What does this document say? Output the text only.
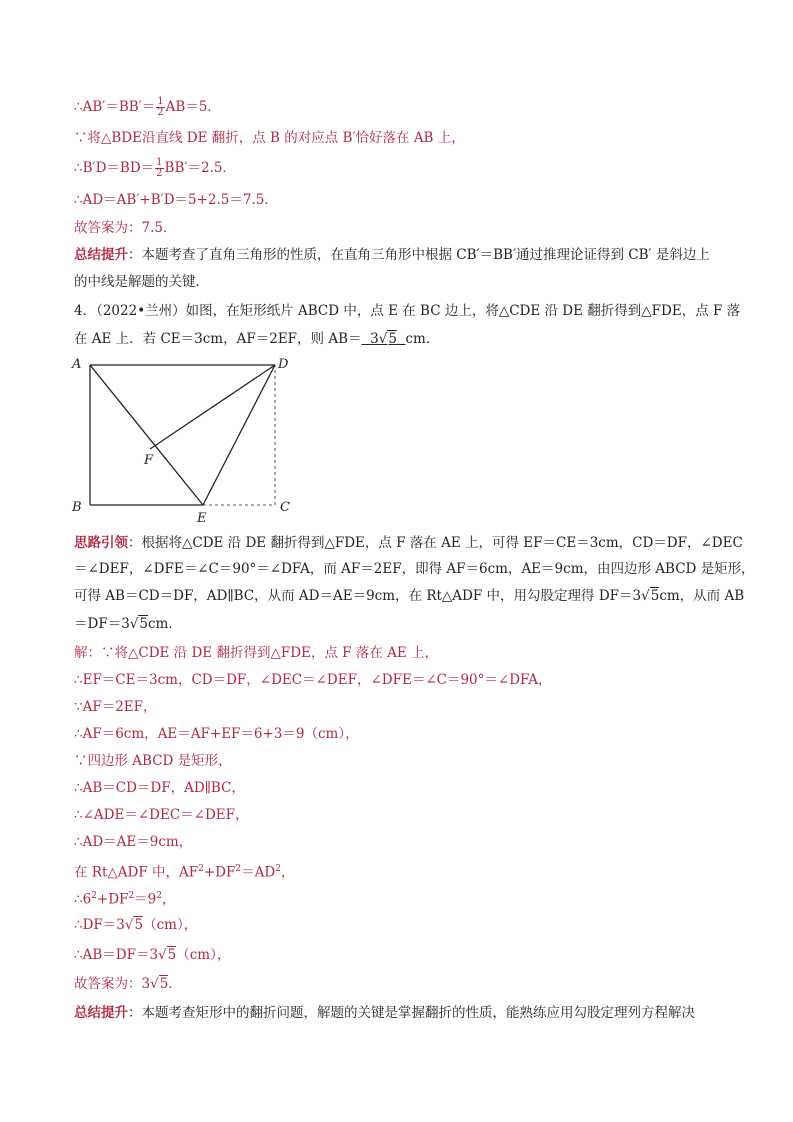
∴AB′＝BB′＝ $\frac{1}{2} AB=5$．
∵将△BDE沿直线 DE 翻折，点 B 的对应点 B′恰好落在 AB 上，
∴B′D＝BD＝ $\frac{1}{2} BB'=2.5$．
∴AD＝AB′+B′D＝5+2.5＝7.5．
故答案为：7.5．
总结提升：本题考查了直角三角形的性质，在直角三角形中根据 CB′＝BB′通过推理论证得到 CB′ 是斜边上
的中线是解题的关键．
4．（2022•兰州）如图，在矩形纸片 ABCD 中，点 E 在 BC 边上，将△CDE 沿 DE 翻折得到△FDE，点 F 落
在 AE 上．若 CE＝3cm，AF＝2EF，则 AB＝ 3√5 cm．
A	D
F
B
E
C
思路引领：根据将△CDE 沿 DE 翻折得到△FDE，点 F 落在 AE 上，可得 EF＝CE＝3cm，CD＝DF，∠DEC
＝∠DEF，∠DFE＝∠C＝90°＝∠DFA，而 AF＝2EF，即得 AF＝6cm，AE＝9cm，由四边形 ABCD 是矩形，
可得 AB＝CD＝DF，AD∥BC，从而 AD＝AE＝9cm，在 Rt△ADF 中，用勾股定理得 DF＝3√5cm，从而 AB
＝DF＝3√5cm．
解：∵将△CDE 沿 DE 翻折得到△FDE，点 F 落在 AE 上，
∴EF＝CE＝3cm，CD＝DF，∠DEC＝∠DEF，∠DFE＝∠C＝90°＝∠DFA，
∵AF＝2EF，
∴AF＝6cm，AE＝AF+EF＝6+3＝9（cm），
∵四边形 ABCD 是矩形，
∴AB＝CD＝DF，AD∥BC，
∴∠ADE＝∠DEC＝∠DEF，
∴AD＝AE＝9cm，
在 Rt△ADF 中，$AF^2+DF^2=AD^2$，
$\therefore 6^2+DF^2=9^2$，
∴DF＝3√5（cm），
∴AB＝DF＝3√5（cm），
故答案为：3√5．
总结提升：本题考查矩形中的翻折问题，解题的关键是掌握翻折的性质，能熟练应用勾股定理列方程解决
